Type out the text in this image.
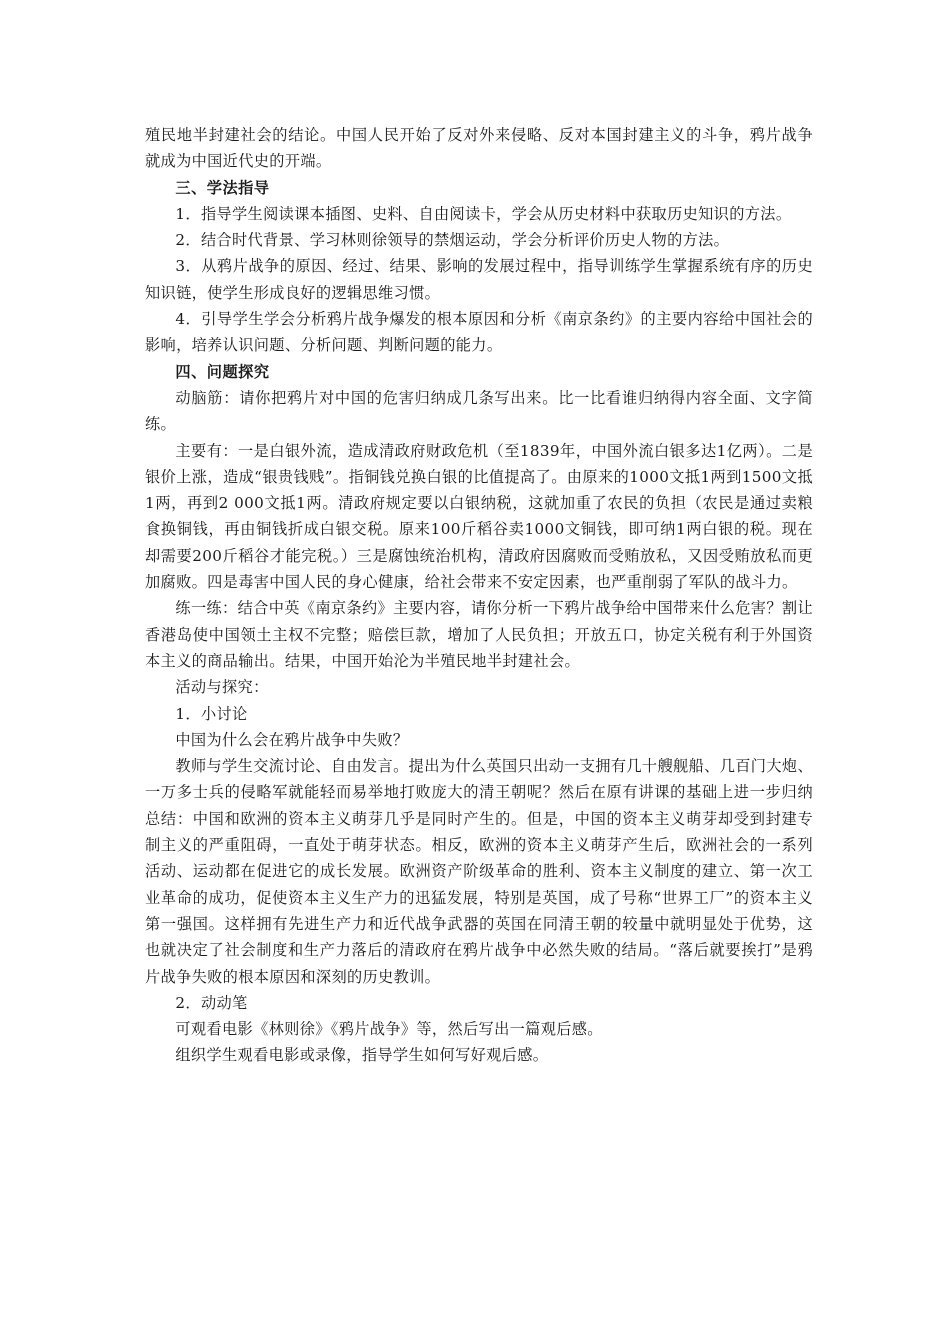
殖民地半封建社会的结论。中国人民开始了反对外来侵略、反对本国封建主义的斗争，鸦片战争就成为中国近代史的开端。

三、学法指导

1．指导学生阅读课本插图、史料、自由阅读卡，学会从历史材料中获取历史知识的方法。

2．结合时代背景、学习林则徐领导的禁烟运动，学会分析评价历史人物的方法。

3．从鸦片战争的原因、经过、结果、影响的发展过程中，指导训练学生掌握系统有序的历史知识链，使学生形成良好的逻辑思维习惯。

4．引导学生学会分析鸦片战争爆发的根本原因和分析《南京条约》的主要内容给中国社会的影响，培养认识问题、分析问题、判断问题的能力。

四、问题探究

动脑筋：请你把鸦片对中国的危害归纳成几条写出来。比一比看谁归纳得内容全面、文字简练。

主要有：一是白银外流，造成清政府财政危机（至1839年，中国外流白银多达1亿两）。二是银价上涨，造成“银贵钱贱”。指铜钱兑换白银的比值提高了。由原来的1000文抵1两到1500文抵1两，再到2 000文抵1两。清政府规定要以白银纳税，这就加重了农民的负担（农民是通过卖粮食换铜钱，再由铜钱折成白银交税。原来100斤稻谷卖1000文铜钱，即可纳1两白银的税。现在却需要200斤稻谷才能完税。）三是腐蚀统治机构，清政府因腐败而受贿放私，又因受贿放私而更加腐败。四是毒害中国人民的身心健康，给社会带来不安定因素，也严重削弱了军队的战斗力。

练一练：结合中英《南京条约》主要内容，请你分析一下鸦片战争给中国带来什么危害？割让香港岛使中国领土主权不完整；赔偿巨款，增加了人民负担；开放五口，协定关税有利于外国资本主义的商品输出。结果，中国开始沦为半殖民地半封建社会。

活动与探究：

1．小讨论

中国为什么会在鸦片战争中失败？

教师与学生交流讨论、自由发言。提出为什么英国只出动一支拥有几十艘舰船、几百门大炮、一万多士兵的侵略军就能轻而易举地打败庞大的清王朝呢？然后在原有讲课的基础上进一步归纳总结：中国和欧洲的资本主义萌芽几乎是同时产生的。但是，中国的资本主义萌芽却受到封建专制主义的严重阻碍，一直处于萌芽状态。相反，欧洲的资本主义萌芽产生后，欧洲社会的一系列活动、运动都在促进它的成长发展。欧洲资产阶级革命的胜利、资本主义制度的建立、第一次工业革命的成功，促使资本主义生产力的迅猛发展，特别是英国，成了号称“世界工厂”的资本主义第一强国。这样拥有先进生产力和近代战争武器的英国在同清王朝的较量中就明显处于优势，这也就决定了社会制度和生产力落后的清政府在鸦片战争中必然失败的结局。“落后就要挨打”是鸦片战争失败的根本原因和深刻的历史教训。

2．动动笔

可观看电影《林则徐》《鸦片战争》等，然后写出一篇观后感。

组织学生观看电影或录像，指导学生如何写好观后感。
